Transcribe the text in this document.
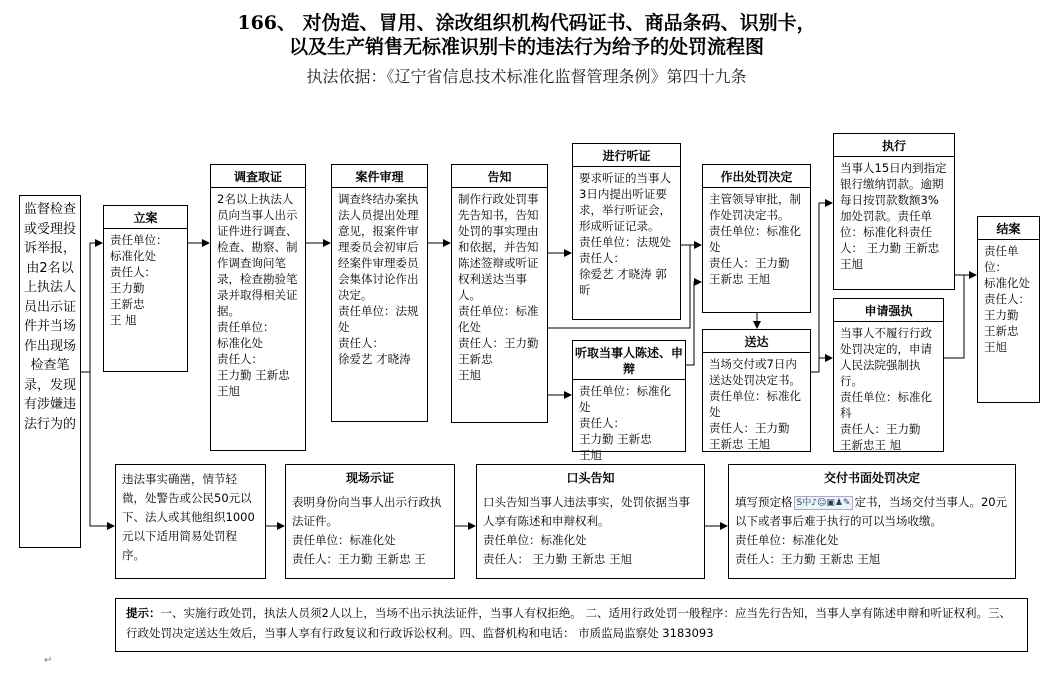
166、 对伪造、冒用、涂改组织机构代码证书、商品条码、识别卡，
以及生产销售无标准识别卡的违法行为给予的处罚流程图
执法依据：《辽宁省信息技术标准化监督管理条例》第四十九条
监督检查或受理投诉举报，由2名以上执法人员出示证件并当场作出现场检查笔录，发现有涉嫌违法行为的
立案
责任单位：
标准化处
责任人：
王力勤
王新忠
王 旭
调查取证
2名以上执法人员向当事人出示证件进行调查、检查、勘察、制作调查询问笔录，检查勘验笔录并取得相关证据。
责任单位：
标准化处
责任人：
王力勤 王新忠 王旭
案件审理
调查终结办案执法人员提出处理意见，报案件审理委员会初审后经案件审理委员会集体讨论作出决定。
责任单位：法规处
责任人：
徐爱艺 才晓涛
告知
制作行政处罚事先告知书，告知处罚的事实理由和依据，并告知陈述签辩或听证权利送达当事人。
责任单位：标准化处
责任人：王力勤 王新忠
王旭
进行听证
要求听证的当事人3日内提出听证要求，举行听证会，形成听证记录。
责任单位：法规处责任人：
徐爱艺 才晓涛 郭昕
听取当事人陈述、申辩
责任单位：标准化处
责任人：
王力勤 王新忠
王旭
作出处罚决定
主管领导审批，制作处罚决定书。
责任单位：标准化处
责任人：王力勤
王新忠 王旭
送达
当场交付或7日内送达处罚决定书。
责任单位：标准化处
责任人：王力勤 王新忠 王旭
执行
当事人15日内到指定银行缴纳罚款。逾期每日按罚款数额3%加处罚款。责任单位：标准化科责任人： 王力勤 王新忠 王旭
申请强执
当事人不履行行政处罚决定的，申请人民法院强制执行。
责任单位：标准化科
责任人：王力勤
王新忠王 旭
结案
责任单位：
标准化处
责任人：
王力勤
王新忠
王旭
违法事实确凿，情节轻微，处警告或公民50元以下、法人或其他组织1000元以下适用简易处罚程序。
现场示证
表明身份向当事人出示行政执法证件。
责任单位：标准化处
责任人：王力勤 王新忠 王
口头告知
口头告知当事人违法事实，处罚依据当事人享有陈述和申辩权利。
责任单位：标准化处
责任人： 王力勤 王新忠 王旭
交付书面处罚决定
填写预定格 S中♪☺▣♟✎ 定书，当场交付当事人。20元以下或者事后难于执行的可以当场收缴。
责任单位：标准化处
责任人：王力勤 王新忠 王旭
提示：一、实施行政处罚，执法人员须2人以上，当场不出示执法证件，当事人有权拒绝。 二、适用行政处罚一般程序：应当先行告知，当事人享有陈述申辩和听证权利。三、行政处罚决定送达生效后，当事人享有行政复议和行政诉讼权利。四、监督机构和电话： 市质监局监察处 3183093
↵
